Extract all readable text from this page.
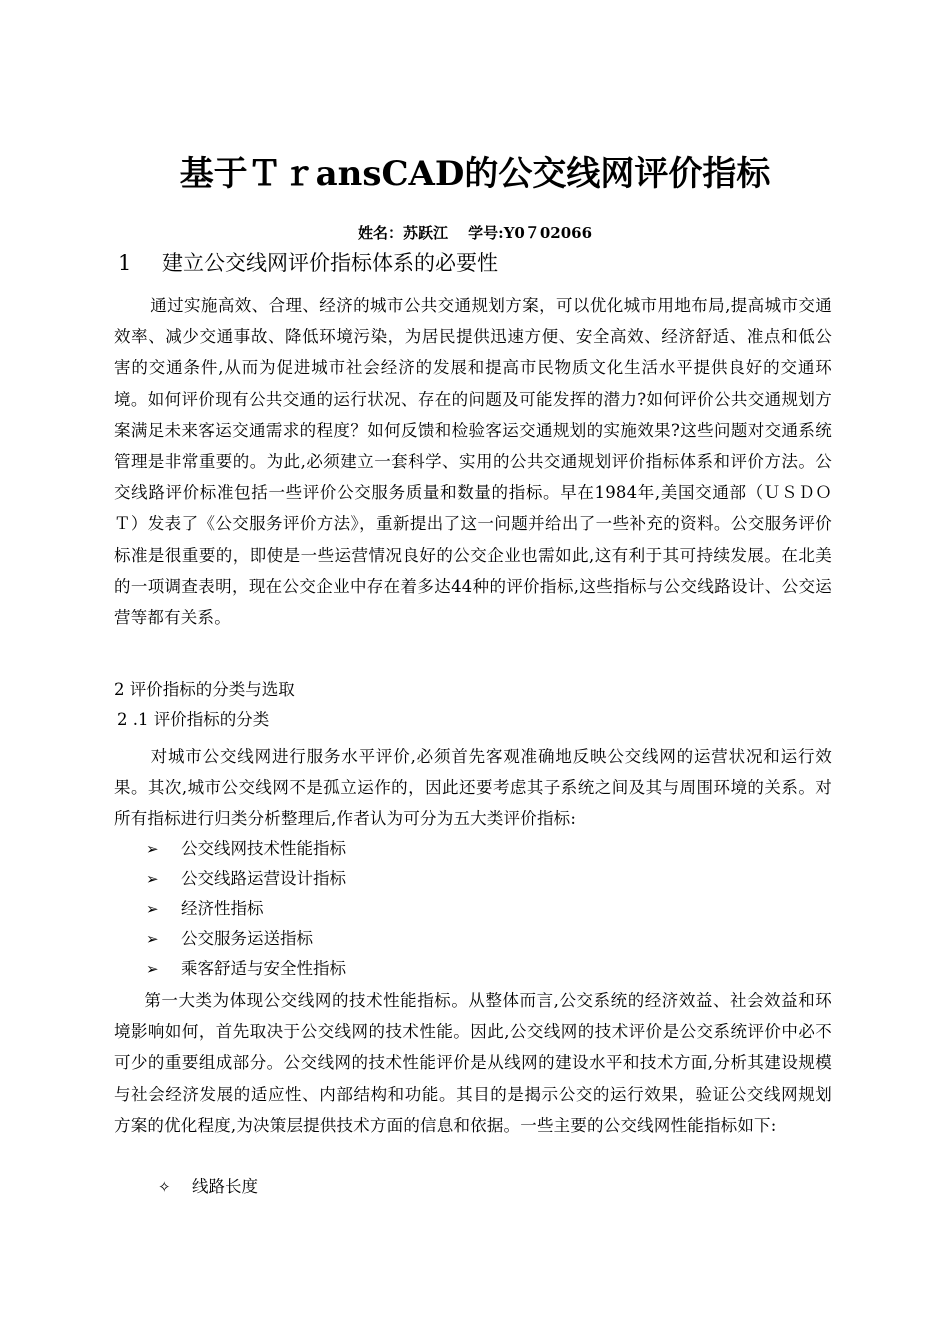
基于ＴｒansCAD的公交线网评价指标
姓名：苏跃江　 学号:Y0７02066
1 建立公交线网评价指标体系的必要性
通过实施高效、合理、经济的城市公共交通规划方案，可以优化城市用地布局,提高城市交通效率、减少交通事故、降低环境污染，为居民提供迅速方便、安全高效、经济舒适、准点和低公害的交通条件,从而为促进城市社会经济的发展和提高市民物质文化生活水平提供良好的交通环境。如何评价现有公共交通的运行状况、存在的问题及可能发挥的潜力?如何评价公共交通规划方案满足未来客运交通需求的程度？如何反馈和检验客运交通规划的实施效果?这些问题对交通系统管理是非常重要的。为此,必须建立一套科学、实用的公共交通规划评价指标体系和评价方法。公交线路评价标准包括一些评价公交服务质量和数量的指标。早在1984年,美国交通部（ＵＳＤＯＴ）发表了《公交服务评价方法》，重新提出了这一问题并给出了一些补充的资料。公交服务评价标准是很重要的，即使是一些运营情况良好的公交企业也需如此,这有利于其可持续发展。在北美的一项调查表明，现在公交企业中存在着多达44种的评价指标,这些指标与公交线路设计、公交运营等都有关系。
2 评价指标的分类与选取
2 .1 评价指标的分类
对城市公交线网进行服务水平评价,必须首先客观准确地反映公交线网的运营状况和运行效果。其次,城市公交线网不是孤立运作的，因此还要考虑其子系统之间及其与周围环境的关系。对所有指标进行归类分析整理后,作者认为可分为五大类评价指标:
➢ 公交线网技术性能指标
➢ 公交线路运营设计指标
➢ 经济性指标
➢ 公交服务运送指标
➢ 乘客舒适与安全性指标
第一大类为体现公交线网的技术性能指标。从整体而言,公交系统的经济效益、社会效益和环境影响如何，首先取决于公交线网的技术性能。因此,公交线网的技术评价是公交系统评价中必不可少的重要组成部分。公交线网的技术性能评价是从线网的建设水平和技术方面,分析其建设规模与社会经济发展的适应性、内部结构和功能。其目的是揭示公交的运行效果，验证公交线网规划方案的优化程度,为决策层提供技术方面的信息和依据。一些主要的公交线网性能指标如下:
✧ 线路长度
